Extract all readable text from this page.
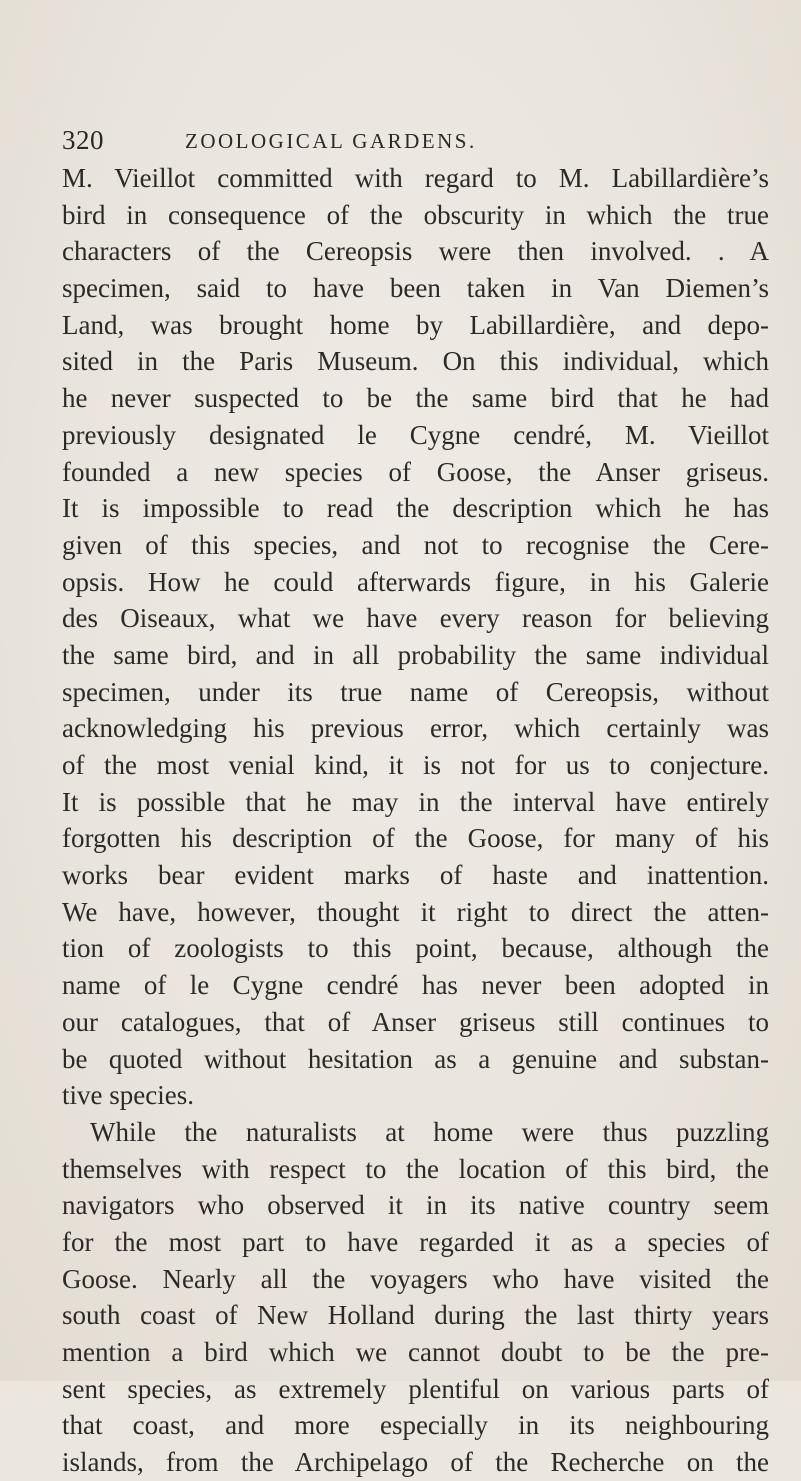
320	ZOOLOGICAL GARDENS.
M. Vieillot committed with regard to M. Labillardière’s
bird in consequence of the obscurity in which the true
characters of the Cereopsis were then involved. . A
specimen, said to have been taken in Van Diemen’s
Land, was brought home by Labillardière, and depo-
sited in the Paris Museum. On this individual, which
he never suspected to be the same bird that he had
previously designated le Cygne cendré, M. Vieillot
founded a new species of Goose, the Anser griseus.
It is impossible to read the description which he has
given of this species, and not to recognise the Cere-
opsis. How he could afterwards figure, in his Galerie
des Oiseaux, what we have every reason for believing
the same bird, and in all probability the same individual
specimen, under its true name of Cereopsis, without
acknowledging his previous error, which certainly was
of the most venial kind, it is not for us to conjecture.
It is possible that he may in the interval have entirely
forgotten his description of the Goose, for many of his
works bear evident marks of haste and inattention.
We have, however, thought it right to direct the atten-
tion of zoologists to this point, because, although the
name of le Cygne cendré has never been adopted in
our catalogues, that of Anser griseus still continues to
be quoted without hesitation as a genuine and substan-
tive species.
While the naturalists at home were thus puzzling
themselves with respect to the location of this bird, the
navigators who observed it in its native country seem
for the most part to have regarded it as a species of
Goose. Nearly all the voyagers who have visited the
south coast of New Holland during the last thirty years
mention a bird which we cannot doubt to be the pre-
sent species, as extremely plentiful on various parts of
that coast, and more especially in its neighbouring
islands, from the Archipelago of the Recherche on the
